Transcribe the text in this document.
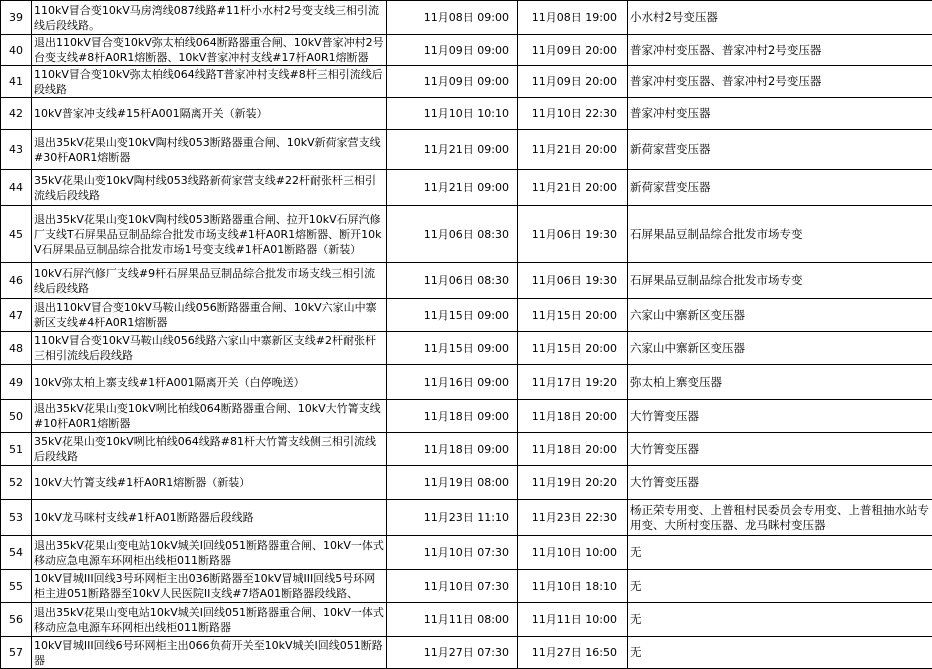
39	110kV冒合变10kV马房湾线087线路#11杆小水村2号变支线三相引流线后段线路。	11月08日 09:00	11月08日 19:00	小水村2号变压器
40	退出110kV冒合变10kV弥太柏线064断路器重合闸、10kV普家冲村2号台变支线#8杆A0R1熔断器、10kV普家冲村支线#17杆A0R1熔断器	11月09日 09:00	11月09日 20:00	普家冲村变压器、普家冲村2号变压器
41	110kV冒合变10kV弥太柏线064线路T普家冲村支线#8杆三相引流线后段线路	11月09日 09:00	11月09日 20:00	普家冲村变压器、普家冲村2号变压器
42	10kV普家冲支线#15杆A001隔离开关（新装）	11月10日 10:10	11月10日 22:30	普家冲村变压器
43	退出35kV花果山变10kV陶村线053断路器重合闸、10kV新荷家营支线#30杆A0R1熔断器	11月21日 09:00	11月21日 20:00	新荷家营变压器
44	35kV花果山变10kV陶村线053线路新荷家营支线#22杆耐张杆三相引流线后段线路	11月21日 09:00	11月21日 20:00	新荷家营变压器
45	退出35kV花果山变10kV陶村线053断路器重合闸、拉开10kV石屏汽修厂支线T石屏果品豆制品综合批发市场支线#1杆A0R1熔断器、断开10kV石屏果品豆制品综合批发市场1号变支线#1杆A01断路器（新装）	11月06日 08:30	11月06日 19:30	石屏果品豆制品综合批发市场专变
46	10kV石屏汽修厂支线#9杆石屏果品豆制品综合批发市场支线三相引流线后段线路	11月06日 08:30	11月06日 19:30	石屏果品豆制品综合批发市场专变
47	退出110kV冒合变10kV马鞍山线056断路器重合闸、10kV六家山中寨新区支线#4杆A0R1熔断器	11月15日 09:00	11月15日 20:00	六家山中寨新区变压器
48	110kV冒合变10kV马鞍山线056线路六家山中寨新区支线#2杆耐张杆三相引流线后段线路	11月15日 09:00	11月15日 20:00	六家山中寨新区变压器
49	10kV弥太柏上寨支线#1杆A001隔离开关（白停晚送）	11月16日 09:00	11月17日 19:20	弥太柏上寨变压器
50	退出35kV花果山变10kV咧比柏线064断路器重合闸、10kV大竹箐支线#10杆A0R1熔断器	11月18日 09:00	11月18日 20:00	大竹箐变压器
51	35kV花果山变10kV咧比柏线064线路#81杆大竹箐支线侧三相引流线后段线路	11月18日 09:00	11月18日 20:00	大竹箐变压器
52	10kV大竹箐支线#1杆A0R1熔断器（新装）	11月19日 08:00	11月19日 20:20	大竹箐变压器
53	10kV龙马咪村支线#1杆A01断路器后段线路	11月23日 11:10	11月23日 22:30	杨正荣专用变、上普租村民委员会专用变、上普租抽水站专用变、大所村变压器、龙马眯村变压器
54	退出35kV花果山变电站10kV城关Ⅰ回线051断路器重合闸、10kV一体式移动应急电源车环网柜出线柜011断路器	11月10日 07:30	11月10日 10:00	无
55	10kV冒城III回线3号环网柜主出036断路器至10kV冒城III回线5号环网柜主进051断路器至10kV人民医院II支线#7塔A01断路器段线路、	11月10日 07:30	11月10日 18:10	无
56	退出35kV花果山变电站10kV城关Ⅰ回线051断路器重合闸、10kV一体式移动应急电源车环网柜出线柜011断路器	11月11日 08:00	11月11日 10:00	无
57	10kV冒城III回线6号环网柜主出066负荷开关至10kV城关Ⅰ回线051断路器	11月27日 07:30	11月27日 16:50	无
